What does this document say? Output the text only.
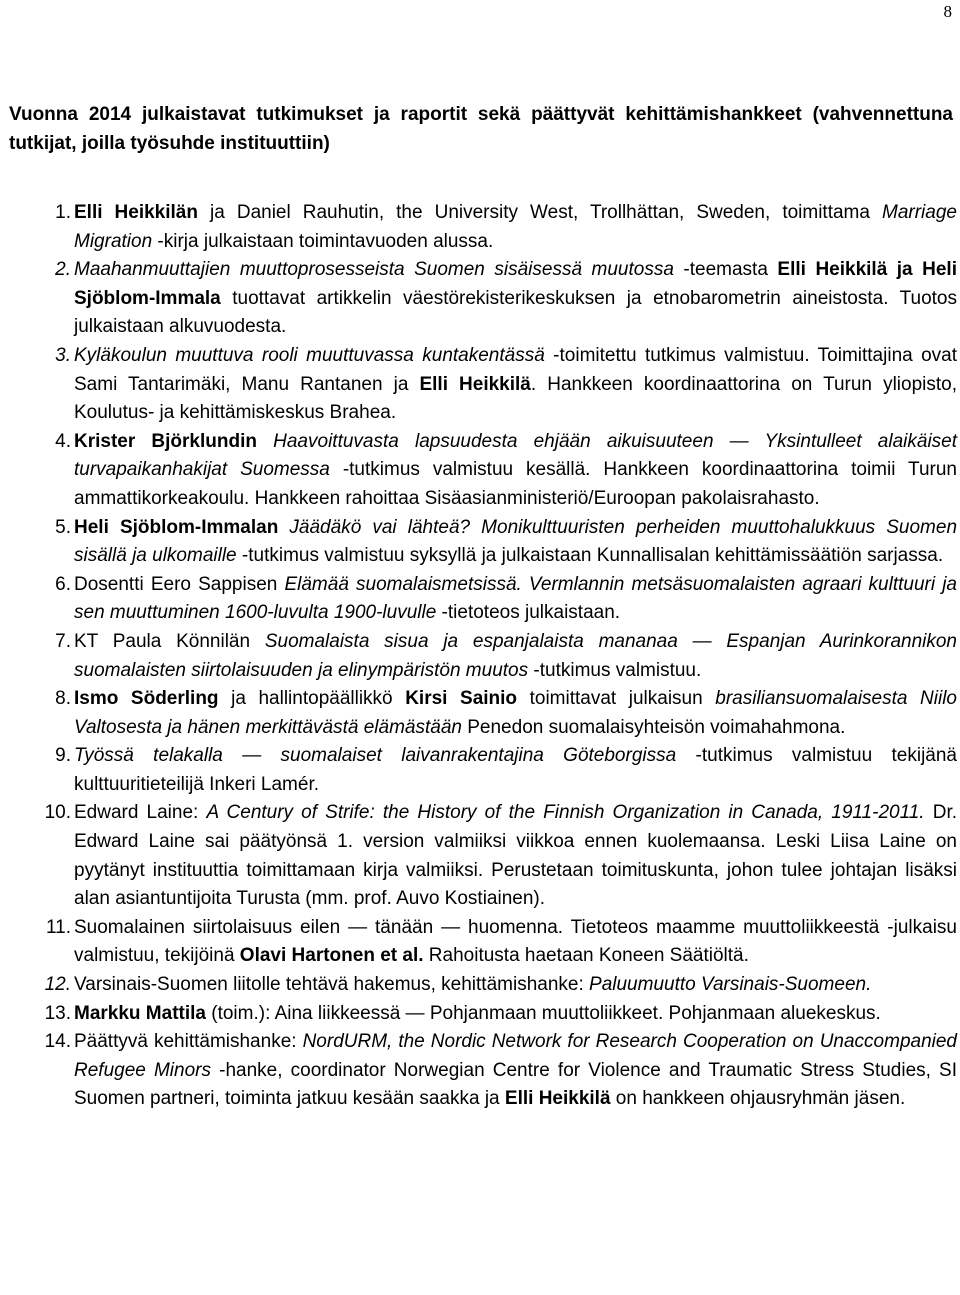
8

Vuonna 2014 julkaistavat tutkimukset ja raportit sekä päättyvät kehittämishankkeet (vahvennettuna tutkijat, joilla työsuhde instituuttiin)

1. Elli Heikkilän ja Daniel Rauhutin, the University West, Trollhättan, Sweden, toimittama Marriage Migration -kirja julkaistaan toimintavuoden alussa.
2. Maahanmuuttajien muuttoprosesseista Suomen sisäisessä muutossa -teemasta Elli Heikkilä ja Heli Sjöblom-Immala tuottavat artikkelin väestörekisterikeskuksen ja etnobarometrin aineistosta. Tuotos julkaistaan alkuvuodesta.
3. Kyläkoulun muuttuva rooli muuttuvassa kuntakentässä -toimitettu tutkimus valmistuu. Toimittajina ovat Sami Tantarimäki, Manu Rantanen ja Elli Heikkilä. Hankkeen koordinaattorina on Turun yliopisto, Koulutus- ja kehittämiskeskus Brahea.
4. Krister Björklundin Haavoittuvasta lapsuudesta ehjään aikuisuuteen — Yksintulleet alaikäiset turvapaikanhakijat Suomessa -tutkimus valmistuu kesällä. Hankkeen koordinaattorina toimii Turun ammattikorkeakoulu. Hankkeen rahoittaa Sisäasianministeriö/Euroopan pakolaisrahasto.
5. Heli Sjöblom-Immalan Jäädäkö vai lähteä? Monikulttuuristen perheiden muuttohalukkuus Suomen sisällä ja ulkomaille -tutkimus valmistuu syksyllä ja julkaistaan Kunnallisalan kehittämissäätiön sarjassa.
6. Dosentti Eero Sappisen Elämää suomalaismetsissä. Vermlannin metsäsuomalaisten agraari kulttuuri ja sen muuttuminen 1600-luvulta 1900-luvulle -tietoteos julkaistaan.
7. KT Paula Könnilän Suomalaista sisua ja espanjalaista mananaa — Espanjan Aurinkorannikon suomalaisten siirtolaisuuden ja elinympäristön muutos -tutkimus valmistuu.
8. Ismo Söderling ja hallintopäällikkö Kirsi Sainio toimittavat julkaisun brasiliansuomalaisesta Niilo Valtosesta ja hänen merkittävästä elämästään Penedon suomalaisyhteisön voimahahmona.
9. Työssä telakalla — suomalaiset laivanrakentajina Göteborgissa -tutkimus valmistuu tekijänä kulttuuritieteilijä Inkeri Lamér.
10. Edward Laine: A Century of Strife: the History of the Finnish Organization in Canada, 1911-2011. Dr. Edward Laine sai päätyönsä 1. version valmiiksi viikkoa ennen kuolemaansa. Leski Liisa Laine on pyytänyt instituuttia toimittamaan kirja valmiiksi. Perustetaan toimituskunta, johon tulee johtajan lisäksi alan asiantuntijoita Turusta (mm. prof. Auvo Kostiainen).
11. Suomalainen siirtolaisuus eilen — tänään — huomenna. Tietoteos maamme muuttoliikkeestä -julkaisu valmistuu, tekijöinä Olavi Hartonen et al. Rahoitusta haetaan Koneen Säätiöltä.
12. Varsinais-Suomen liitolle tehtävä hakemus, kehittämishanke: Paluumuutto Varsinais-Suomeen.
13. Markku Mattila (toim.): Aina liikkeessä — Pohjanmaan muuttoliikkeet. Pohjanmaan aluekeskus.
14. Päättyvä kehittämishanke: NordURM, the Nordic Network for Research Cooperation on Unaccompanied Refugee Minors -hanke, coordinator Norwegian Centre for Violence and Traumatic Stress Studies, SI Suomen partneri, toiminta jatkuu kesään saakka ja Elli Heikkilä on hankkeen ohjausryhmän jäsen.
